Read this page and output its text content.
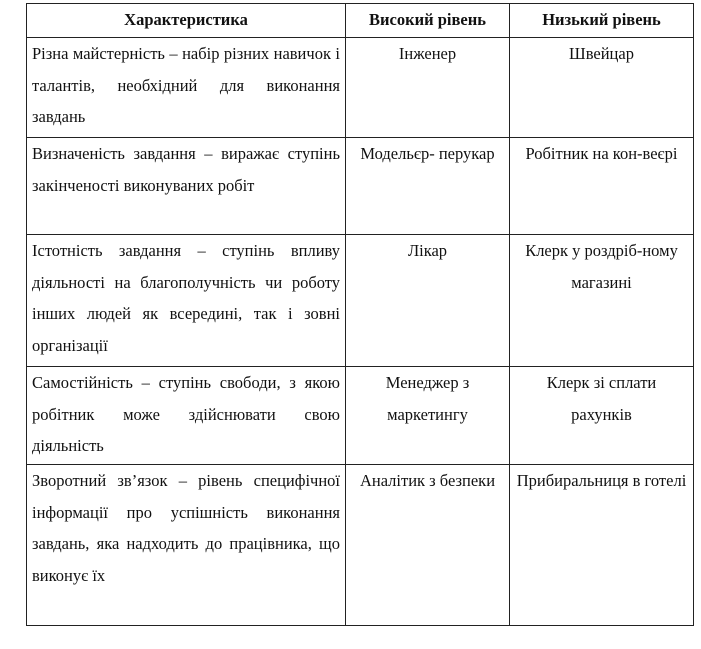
Характеристика	Високий рівень	Низький рівень
Різна майстерність – набір різних навичок і талантів, необхідний для виконання завдань	Інженер	Швейцар
Визначеність завдання – виражає ступінь закінченості виконуваних робіт	Модельєр- перукар	Робітник на кон-веєрі
Істотність завдання – ступінь впливу діяльності на благополучність чи роботу інших людей як всередині, так і зовні організації	Лікар	Клерк у роздріб-ному магазині
Самостійність – ступінь свободи, з якою робітник може здійснювати свою діяльність	Менеджер з маркетингу	Клерк зі сплати рахунків
Зворотний зв’язок – рівень специфічної інформації про успішність виконання завдань, яка надходить до працівника, що виконує їх	Аналітик з безпеки	Прибиральниця в готелі
